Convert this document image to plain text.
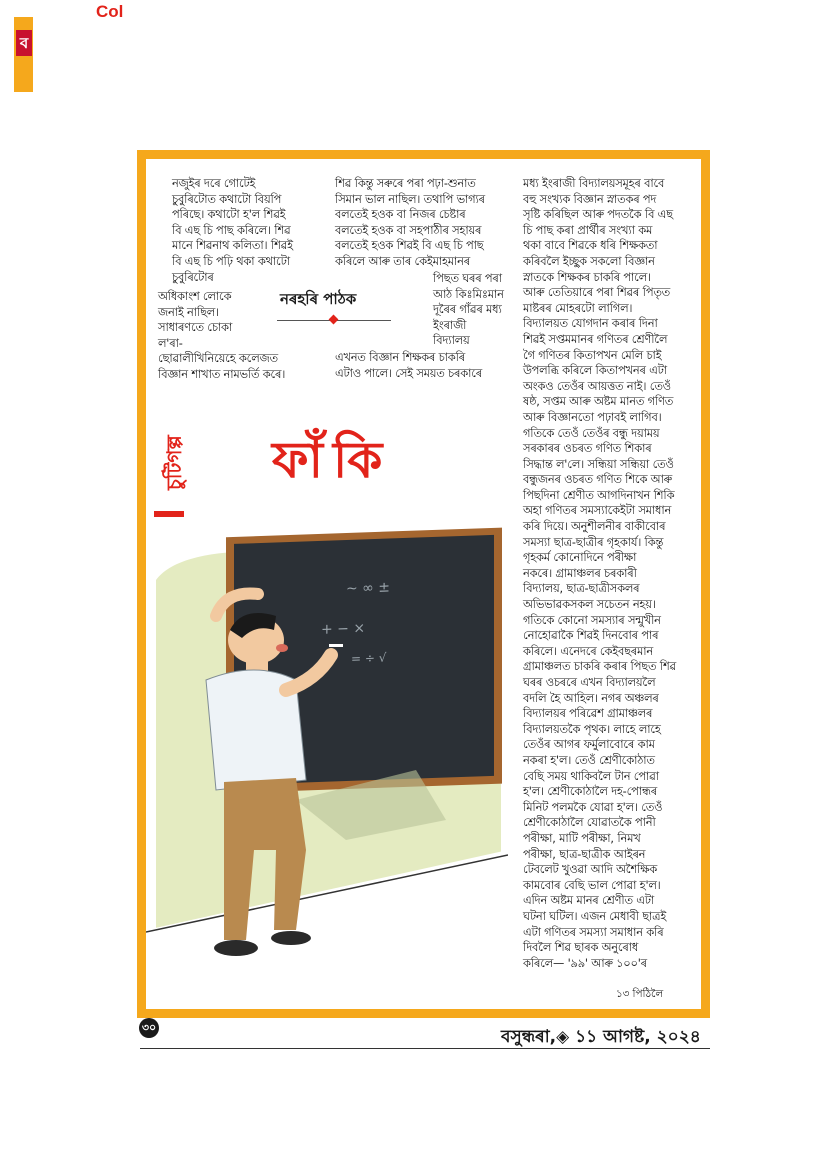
Col
ব
নজুইৰ দৰে গোটেই
চুবুৰিটোত কথাটো বিয়পি
পৰিছে। কথাটো হ'ল শিৱই
বি এছ চি পাছ কৰিলে। শিৱ
মানে শিৱনাথ কলিতা। শিৱই
বি এছ চি পঢ়ি থকা কথাটো
চুবুৰিটোৰ
অধিকাংশ লোকে
জনাই নাছিল।
সাধাৰণতে চোকা
ল'ৰা-
ছোৱালীখিনিয়েহে কলেজত
বিজ্ঞান শাখাত নামভৰ্তি কৰে।
শিৱ কিন্তু সৰুৰে পৰা পঢ়া-শুনাত
সিমান ভাল নাছিল। তথাপি ভাগ্যৰ
বলতেই হওক বা নিজৰ চেষ্টাৰ
বলতেই হওক বা সহপাঠীৰ সহায়ৰ
বলতেই হওক শিৱই বি এছ চি পাছ
কৰিলে আৰু তাৰ কেইমাহমানৰ
নৰহৰি পাঠক
পিছত ঘৰৰ পৰা
আঠ কিঃমিঃমান
দূৰৈৰ গাঁৱৰ মধ্য
ইংৰাজী
বিদ্যালয়
এখনত বিজ্ঞান শিক্ষকৰ চাকৰি
এটাও পালে। সেই সময়ত চৰকাৰে
মধ্য ইংৰাজী বিদ্যালয়সমূহৰ বাবে
বহু সংখ্যক বিজ্ঞান স্নাতকৰ পদ
সৃষ্টি কৰিছিল আৰু পদতকৈ বি এছ
চি পাছ কৰা প্ৰাৰ্থীৰ সংখ্যা কম
থকা বাবে শিৱকে ধৰি শিক্ষকতা
কৰিবলৈ ইচ্ছুক সকলো বিজ্ঞান
স্নাতকে শিক্ষকৰ চাকৰি পালে।
আৰু তেতিয়াৰে পৰা শিৱৰ পিতৃত
মাষ্টৰৰ মোহৰটো লাগিল।
বিদ্যালয়ত যোগদান কৰাৰ দিনা
শিৱই সপ্তমমানৰ গণিতৰ শ্ৰেণীলৈ
গৈ গণিতৰ কিতাপখন মেলি চাই
উপলব্ধি কৰিলে কিতাপখনৰ এটা
অংকও তেওঁৰ আয়ত্তত নাই। তেওঁ
ষষ্ঠ, সপ্তম আৰু অষ্টম মানত গণিত
আৰু বিজ্ঞানতো পঢ়াবই লাগিব।
গতিকে তেওঁ তেওঁৰ বন্ধু দয়াময়
সৰকাৰৰ ওচৰত গণিত শিকাৰ
সিদ্ধান্ত ল'লে। সন্ধিয়া সন্ধিয়া তেওঁ
বন্ধুজনৰ ওচৰত গণিত শিকে আৰু
পিছদিনা শ্ৰেণীত আগদিনাখন শিকি
অহা গণিতৰ সমস্যাকেইটা সমাধান
কৰি দিয়ে। অনুশীলনীৰ বাকীবোৰ
সমস্যা ছাত্ৰ-ছাত্ৰীৰ গৃহকাৰ্য। কিন্তু
গৃহকৰ্ম কোনোদিনে পৰীক্ষা
নকৰে। গ্ৰামাঞ্চলৰ চৰকাৰী
বিদ্যালয়, ছাত্ৰ-ছাত্ৰীসকলৰ
অভিভাৱকসকল সচেতন নহয়।
গতিকে কোনো সমস্যাৰ সন্মুখীন
নোহোৱাকৈ শিৱই দিনবোৰ পাৰ
কৰিলে। এনেদৰে কেইবছৰমান
গ্ৰামাঞ্চলত চাকৰি কৰাৰ পিছত শিৱ
ঘৰৰ ওচৰৰে এখন বিদ্যালয়লৈ
বদলি হৈ আহিল। নগৰ অঞ্চলৰ
বিদ্যালয়ৰ পৰিৱেশ গ্ৰামাঞ্চলৰ
বিদ্যালয়তকৈ পৃথক। লাহে লাহে
তেওঁৰ আগৰ ফৰ্মুলাবোৰে কাম
নকৰা হ'ল। তেওঁ শ্ৰেণীকোঠাত
বেছি সময় থাকিবলৈ টান পোৱা
হ'ল। শ্ৰেণীকোঠালৈ দহ-পোন্ধৰ
মিনিট পলমকৈ যোৱা হ'ল। তেওঁ
শ্ৰেণীকোঠালৈ যোৱাতকৈ পানী
পৰীক্ষা, মাটি পৰীক্ষা, নিমখ
পৰীক্ষা, ছাত্ৰ-ছাত্ৰীক আইৰন
টেবলেট খুওৱা আদি অশৈক্ষিক
কামবোৰ বেছি ভাল পোৱা হ'ল।
এদিন অষ্টম মানৰ শ্ৰেণীত এটা
ঘটনা ঘটিল। এজন মেধাবী ছাত্ৰই
এটা গণিতৰ সমস্যা সমাধান কৰি
দিবলৈ শিৱ ছাৰক অনুৰোধ
কৰিলে— '৯৯' আৰু ১০০'ৰ
১৩ পিঠিলৈ
চুটিগল্প ফাঁকি
~ ∞ ±
+ − ×
= ÷ √
৩০	বসুন্ধৰা,◈ ১১ আগষ্ট, ২০২৪
